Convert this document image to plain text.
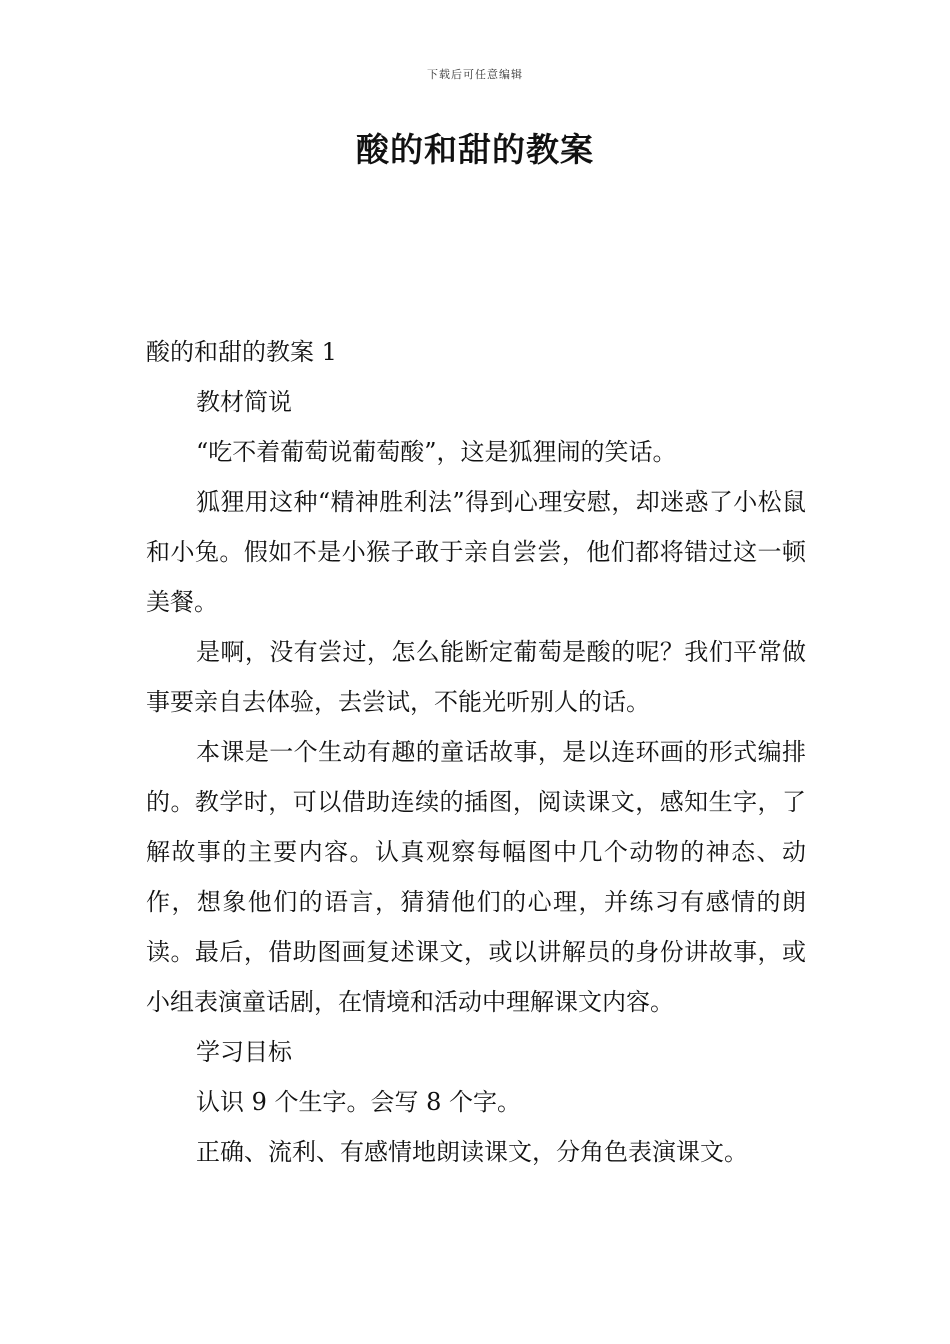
下载后可任意编辑
酸的和甜的教案

酸的和甜的教案 1

教材简说

“吃不着葡萄说葡萄酸”，这是狐狸闹的笑话。

狐狸用这种“精神胜利法”得到心理安慰，却迷惑了小松鼠和小兔。假如不是小猴子敢于亲自尝尝，他们都将错过这一顿美餐。

是啊，没有尝过，怎么能断定葡萄是酸的呢？我们平常做事要亲自去体验，去尝试，不能光听别人的话。

本课是一个生动有趣的童话故事，是以连环画的形式编排的。教学时，可以借助连续的插图，阅读课文，感知生字，了解故事的主要内容。认真观察每幅图中几个动物的神态、动作，想象他们的语言，猜猜他们的心理，并练习有感情的朗读。最后，借助图画复述课文，或以讲解员的身份讲故事，或小组表演童话剧，在情境和活动中理解课文内容。

学习目标

认识 9 个生字。会写 8 个字。

正确、流利、有感情地朗读课文，分角色表演课文。
